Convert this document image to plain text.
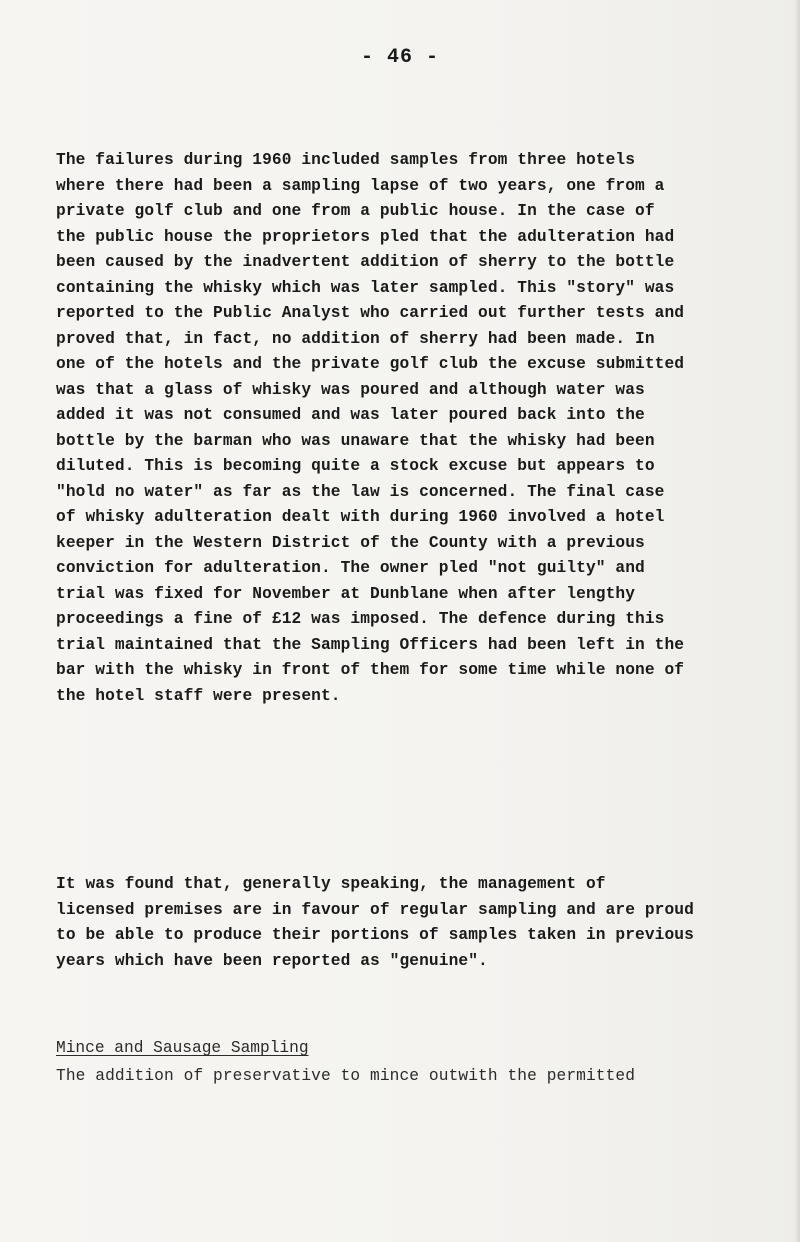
- 46 -
The failures during 1960 included samples from three hotels
where there had been a sampling lapse of two years, one from a
private golf club and one from a public house. In the case of
the public house the proprietors pled that the adulteration had
been caused by the inadvertent addition of sherry to the bottle
containing the whisky which was later sampled. This "story" was
reported to the Public Analyst who carried out further tests and
proved that, in fact, no addition of sherry had been made. In
one of the hotels and the private golf club the excuse submitted
was that a glass of whisky was poured and although water was
added it was not consumed and was later poured back into the
bottle by the barman who was unaware that the whisky had been
diluted. This is becoming quite a stock excuse but appears to
"hold no water" as far as the law is concerned. The final case
of whisky adulteration dealt with during 1960 involved a hotel
keeper in the Western District of the County with a previous
conviction for adulteration. The owner pled "not guilty" and
trial was fixed for November at Dunblane when after lengthy
proceedings a fine of £12 was imposed. The defence during this
trial maintained that the Sampling Officers had been left in the
bar with the whisky in front of them for some time while none of
the hotel staff were present.
It was found that, generally speaking, the management of
licensed premises are in favour of regular sampling and are proud
to be able to produce their portions of samples taken in previous
years which have been reported as "genuine".
Mince and Sausage Sampling
The addition of preservative to mince outwith the permitted
